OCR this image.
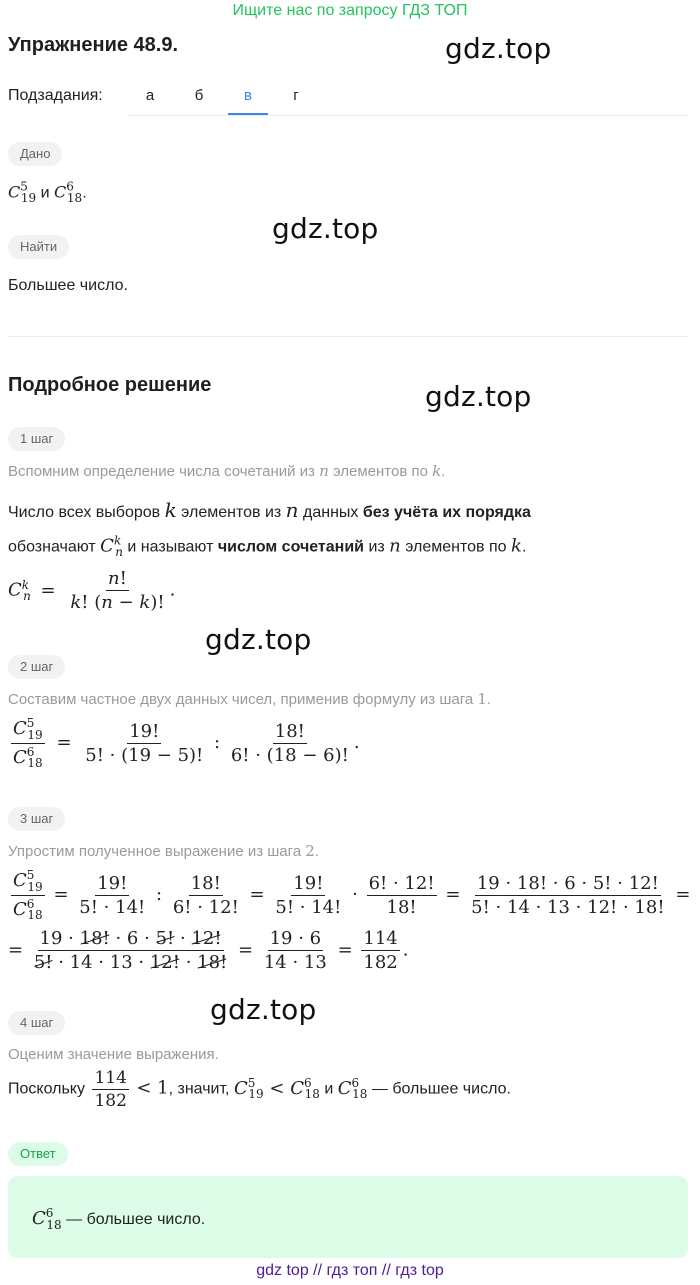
Ищите нас по запросу ГДЗ ТОП
gdz.top
gdz.top
gdz.top
gdz.top
gdz.top
Упражнение 48.9.
Подзадания:	а	б	в	г
Дано
$C^5_{19}$ и $C^6_{18}$.
Найти
Большее число.
Подробное решение
1 шаг
Вспомним определение числа сочетаний из n элементов по k.
Число всех выборов k элементов из n данных без учёта их порядка
обозначают $C^k_n$ и называют числом сочетаний из n элементов по k.
$C^k_n = \frac{n!}{k! (n - k)!}$ .
2 шаг
Составим частное двух данных чисел, применив формулу из шага 1.
$\frac{C^5_{19}}{C^6_{18}} = \frac{19!}{5! \cdot (19 - 5)!}$ : $\frac{18!}{6! \cdot (18 - 6)!}$ .
3 шаг
Упростим полученное выражение из шага 2.
$\frac{C^5_{19}}{C^6_{18}} = \frac{19!}{5! \cdot 14!}$ : $\frac{18!}{6! \cdot 12!} = \frac{19!}{5! \cdot 14!} \cdot \frac{6! \cdot 12!}{18!} = \frac{19 \cdot 18! \cdot 6 \cdot 5! \cdot 12!}{5! \cdot 14 \cdot 13 \cdot 12! \cdot 18!}$ =
= $\frac{19 \cdot 18! \cdot 6 \cdot 5! \cdot 12!}{5! \cdot 14 \cdot 13 \cdot 12! \cdot 18!} = \frac{19 \cdot 6}{14 \cdot 13} = \frac{114}{182}$ .
4 шаг
Оценим значение выражения.
Поскольку $\frac{114}{182} < 1$, значит, $C^5_{19} < C^6_{18}$ и $C^6_{18}$ — большее число.
Ответ
$C^6_{18}$ — большее число.
gdz top // гдз топ // гдз top
